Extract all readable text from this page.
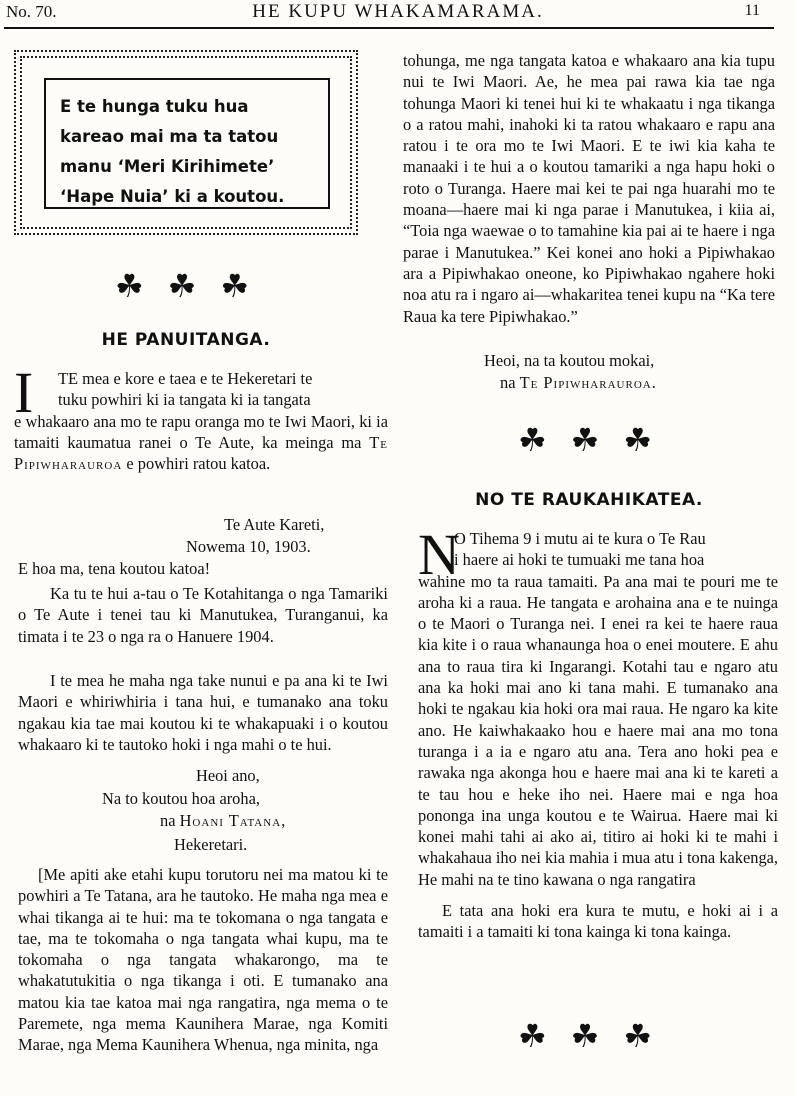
No. 70.	HE KUPU WHAKAMARAMA.	11
E te hunga tuku hua kareao mai ma ta tatou manu ‘Meri Kirihimete’ ‘Hape Nuia’ ki a koutou.
☘ ☘ ☘
HE PANUITANGA.
I	TE mea e kore e taea e te Hekeretari te
tuku powhiri ki ia tangata ki ia tangata

e whakaaro ana mo te rapu oranga mo te Iwi Maori, ki ia tamaiti kaumatua ranei o Te Aute, ka meinga ma Te Pipiwharauroa e powhiri ratou katoa.

Te Aute Kareti,
Nowema 10, 1903.
E hoa ma, tena koutou katoa!

Ka tu te hui a-tau o Te Kotahitanga o nga Tamariki o Te Aute i tenei tau ki Manutukea, Turanganui, ka timata i te 23 o nga ra o Hanuere 1904.

I te mea he maha nga take nunui e pa ana ki te Iwi Maori e whiriwhiria i tana hui, e tumanako ana toku ngakau kia tae mai koutou ki te whakapuaki i o koutou whakaaro ki te tautoko hoki i nga mahi o te hui.

Heoi ano,
Na to koutou hoa aroha,
na Hoani Tatana,
Hekeretari.

[Me apiti ake etahi kupu torutoru nei ma matou ki te powhiri a Te Tatana, ara he tautoko. He maha nga mea e whai tikanga ai te hui: ma te tokomana o nga tangata e tae, ma te tokomaha o nga tangata whai kupu, ma te tokomaha o nga tangata whakarongo, ma te whakatutukitia o nga tikanga i oti. E tumanako ana matou kia tae katoa mai nga rangatira, nga mema o te Paremete, nga mema Kaunihera Marae, nga Komiti Marae, nga Mema Kaunihera Whenua, nga minita, nga

tohunga, me nga tangata katoa e whakaaro ana kia tupu nui te Iwi Maori. Ae, he mea pai rawa kia tae nga tohunga Maori ki tenei hui ki te whakaatu i nga tikanga o a ratou mahi, inahoki ki ta ratou whakaaro e rapu ana ratou i te ora mo te Iwi Maori. E te iwi kia kaha te manaaki i te hui a o koutou tamariki a nga hapu hoki o roto o Turanga. Haere mai kei te pai nga huarahi mo te moana—haere mai ki nga parae i Manutukea, i kiia ai, “Toia nga waewae o to tamahine kia pai ai te haere i nga parae i Manutukea.” Kei konei ano hoki a Pipiwhakao ara a Pipiwhakao oneone, ko Pipiwhakao ngahere hoki noa atu ra i ngaro ai—whakaritea tenei kupu na “Ka tere Raua ka tere Pipiwhakao.”

Heoi, na ta koutou mokai,
na Te Pipiwharauroa.
☘ ☘ ☘
NO TE RAUKAHIKATEA.
N
O Tihema 9 i mutu ai te kura o Te Rau
i haere ai hoki te tumuaki me tana hoa

wahine mo ta raua tamaiti. Pa ana mai te pouri me te aroha ki a raua. He tangata e arohaina ana e te nuinga o te Maori o Turanga nei. I enei ra kei te haere raua kia kite i o raua whanaunga hoa o enei moutere. E ahu ana to raua tira ki Ingarangi. Kotahi tau e ngaro atu ana ka hoki mai ano ki tana mahi. E tumanako ana hoki te ngakau kia hoki ora mai raua. He ngaro ka kite ano. He kaiwhakaako hou e haere mai ana mo tona turanga i a ia e ngaro atu ana. Tera ano hoki pea e rawaka nga akonga hou e haere mai ana ki te kareti a te tau hou e heke iho nei. Haere mai e nga hoa pononga ina unga koutou e te Wairua. Haere mai ki konei mahi tahi ai ako ai, titiro ai hoki ki te mahi i whakahaua iho nei kia mahia i mua atu i tona kakenga, He mahi na te tino kawana o nga rangatira

E tata ana hoki era kura te mutu, e hoki ai i a tamaiti i a tamaiti ki tona kainga ki tona kainga.

☘ ☘ ☘
